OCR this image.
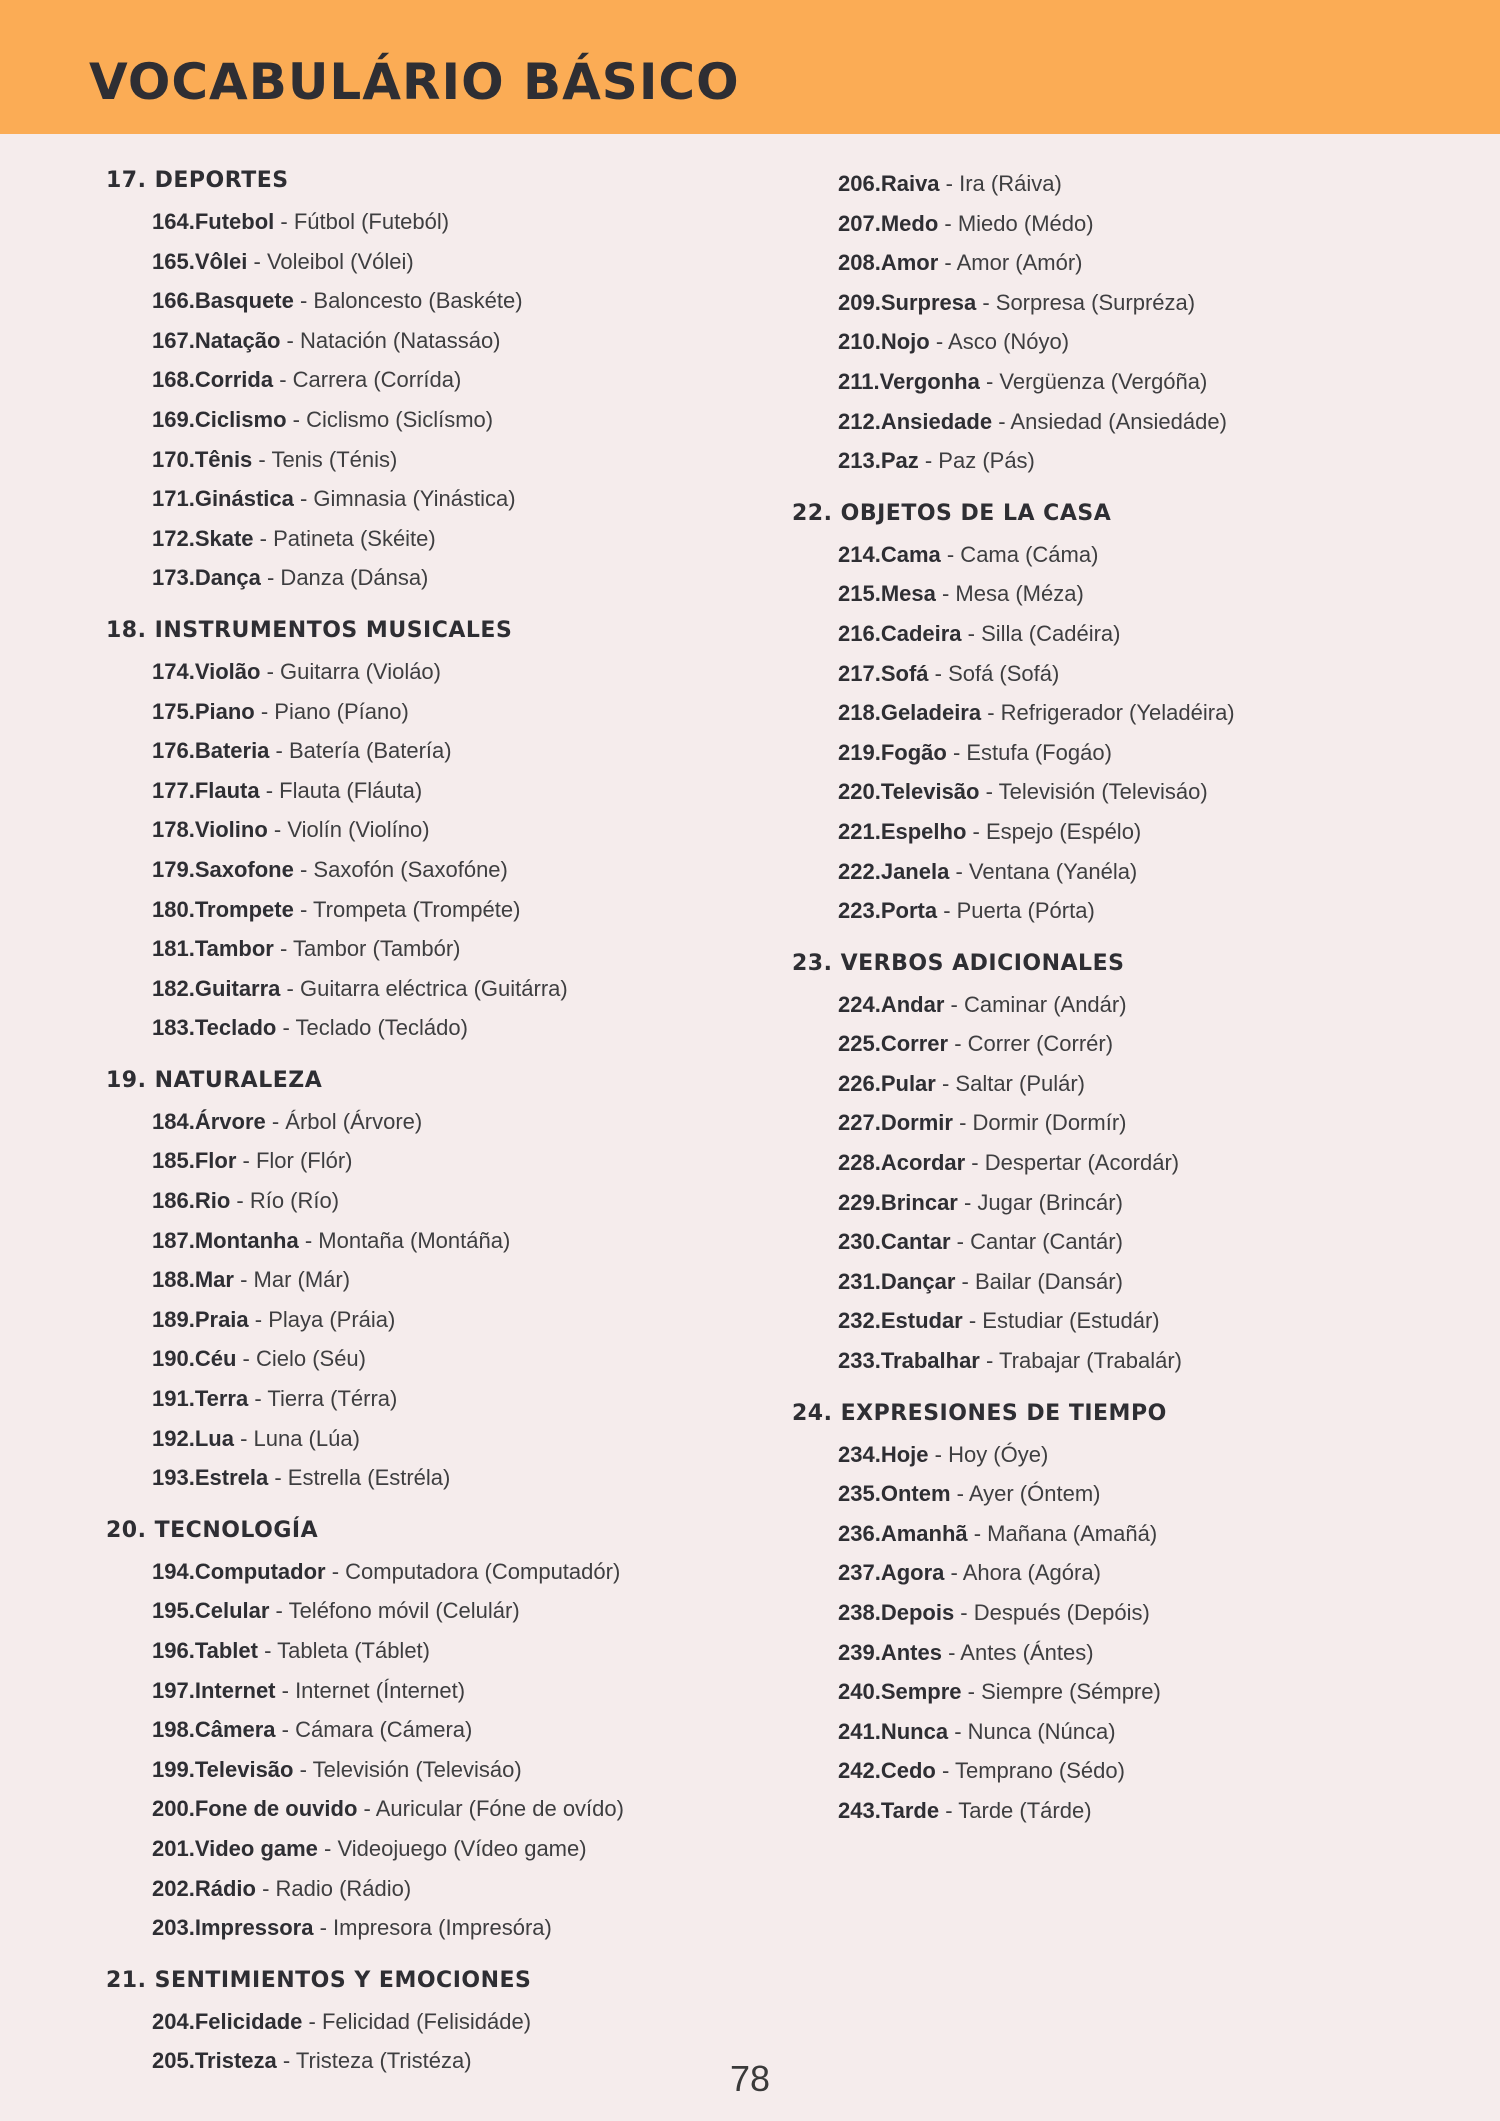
VOCABULÁRIO BÁSICO
17. DEPORTES
164.Futebol - Fútbol (Futeból)
165.Vôlei - Voleibol (Vólei)
166.Basquete - Baloncesto (Baskéte)
167.Natação - Natación (Natassáo)
168.Corrida - Carrera (Corrída)
169.Ciclismo - Ciclismo (Siclísmo)
170.Tênis - Tenis (Ténis)
171.Ginástica - Gimnasia (Yinástica)
172.Skate - Patineta (Skéite)
173.Dança - Danza (Dánsa)
18. INSTRUMENTOS MUSICALES
174.Violão - Guitarra (Violáo)
175.Piano - Piano (Píano)
176.Bateria - Batería (Batería)
177.Flauta - Flauta (Fláuta)
178.Violino - Violín (Violíno)
179.Saxofone - Saxofón (Saxofóne)
180.Trompete - Trompeta (Trompéte)
181.Tambor - Tambor (Tambór)
182.Guitarra - Guitarra eléctrica (Guitárra)
183.Teclado - Teclado (Tecládo)
19. NATURALEZA
184.Árvore - Árbol (Árvore)
185.Flor - Flor (Flór)
186.Rio - Río (Río)
187.Montanha - Montaña (Montáña)
188.Mar - Mar (Már)
189.Praia - Playa (Práia)
190.Céu - Cielo (Séu)
191.Terra - Tierra (Térra)
192.Lua - Luna (Lúa)
193.Estrela - Estrella (Estréla)
20. TECNOLOGÍA
194.Computador - Computadora (Computadór)
195.Celular - Teléfono móvil (Celulár)
196.Tablet - Tableta (Táblet)
197.Internet - Internet (Ínternet)
198.Câmera - Cámara (Cámera)
199.Televisão - Televisión (Televisáo)
200.Fone de ouvido - Auricular (Fóne de ovído)
201.Video game - Videojuego (Vídeo game)
202.Rádio - Radio (Rádio)
203.Impressora - Impresora (Impresóra)
21. SENTIMIENTOS Y EMOCIONES
204.Felicidade - Felicidad (Felisidáde)
205.Tristeza - Tristeza (Tristéza)
206.Raiva - Ira (Ráiva)
207.Medo - Miedo (Médo)
208.Amor - Amor (Amór)
209.Surpresa - Sorpresa (Surpréza)
210.Nojo - Asco (Nóyo)
211.Vergonha - Vergüenza (Vergóña)
212.Ansiedade - Ansiedad (Ansiedáde)
213.Paz - Paz (Pás)
22. OBJETOS DE LA CASA
214.Cama - Cama (Cáma)
215.Mesa - Mesa (Méza)
216.Cadeira - Silla (Cadéira)
217.Sofá - Sofá (Sofá)
218.Geladeira - Refrigerador (Yeladéira)
219.Fogão - Estufa (Fogáo)
220.Televisão - Televisión (Televisáo)
221.Espelho - Espejo (Espélo)
222.Janela - Ventana (Yanéla)
223.Porta - Puerta (Pórta)
23. VERBOS ADICIONALES
224.Andar - Caminar (Andár)
225.Correr - Correr (Corrér)
226.Pular - Saltar (Pulár)
227.Dormir - Dormir (Dormír)
228.Acordar - Despertar (Acordár)
229.Brincar - Jugar (Brincár)
230.Cantar - Cantar (Cantár)
231.Dançar - Bailar (Dansár)
232.Estudar - Estudiar (Estudár)
233.Trabalhar - Trabajar (Trabalár)
24. EXPRESIONES DE TIEMPO
234.Hoje - Hoy (Óye)
235.Ontem - Ayer (Óntem)
236.Amanhã - Mañana (Amañá)
237.Agora - Ahora (Agóra)
238.Depois - Después (Depóis)
239.Antes - Antes (Ántes)
240.Sempre - Siempre (Sémpre)
241.Nunca - Nunca (Núnca)
242.Cedo - Temprano (Sédo)
243.Tarde - Tarde (Tárde)
78
